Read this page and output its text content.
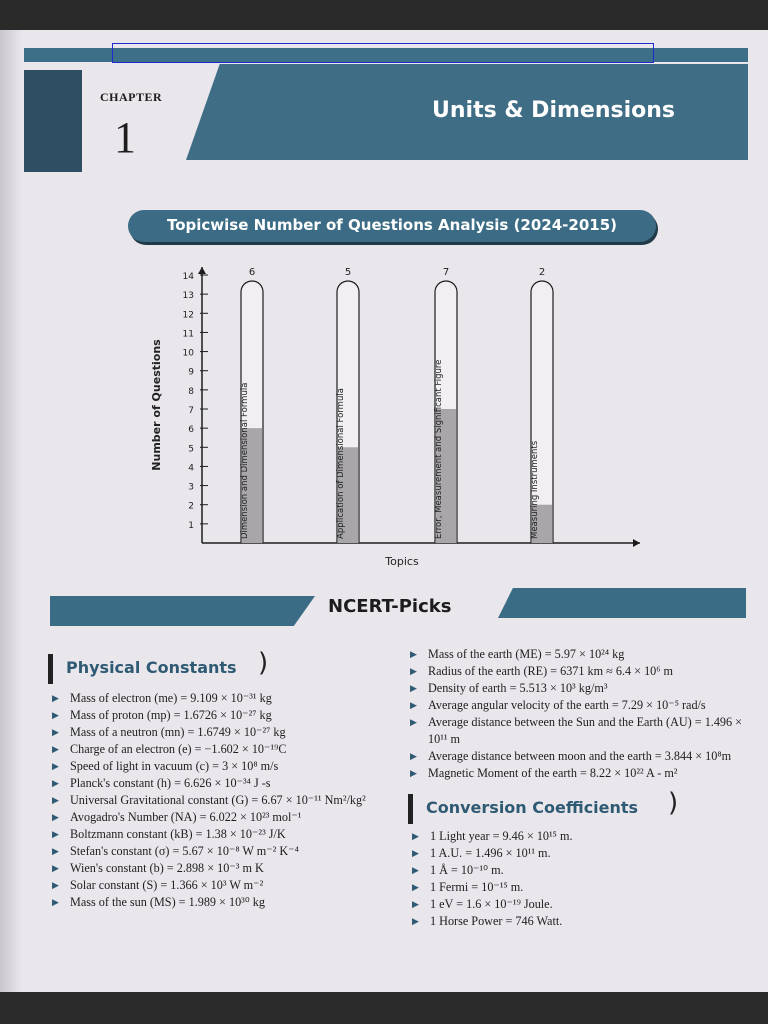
CHAPTER
1
Units & Dimensions
Topicwise Number of Questions Analysis (2024-2015)
1
2
3
4
5
6
7
8
9
10
11
12
13
14
Number of Questions
Topics
6
Dimension and Dimensional Formula
5
Application of Dimensional Formula
7
Error, Measurement and Significant Figure
2
Measuring Instruments
NCERT-Picks
Physical Constants )
▶ Mass of electron (me) = 9.109 × 10⁻³¹ kg
▶ Mass of proton (mp) = 1.6726 × 10⁻²⁷ kg
▶ Mass of a neutron (mn) = 1.6749 × 10⁻²⁷ kg
▶ Charge of an electron (e) = −1.602 × 10⁻¹⁹C
▶ Speed of light in vacuum (c) = 3 × 10⁸ m/s
▶ Planck's constant (h) = 6.626 × 10⁻³⁴ J -s
▶ Universal Gravitational constant (G) = 6.67 × 10⁻¹¹ Nm²/kg²
▶ Avogadro's Number (NA) = 6.022 × 10²³ mol⁻¹
▶ Boltzmann constant (kB) = 1.38 × 10⁻²³ J/K
▶ Stefan's constant (σ) = 5.67 × 10⁻⁸ W m⁻² K⁻⁴
▶ Wien's constant (b) = 2.898 × 10⁻³ m K
▶ Solar constant (S) = 1.366 × 10³ W m⁻²
▶ Mass of the sun (MS) = 1.989 × 10³⁰ kg
▶ Mass of the earth (ME) = 5.97 × 10²⁴ kg
▶ Radius of the earth (RE) = 6371 km ≈ 6.4 × 10⁶ m
▶ Density of earth = 5.513 × 10³ kg/m³
▶ Average angular velocity of the earth = 7.29 × 10⁻⁵ rad/s
▶ Average distance between the Sun and the Earth (AU) = 1.496 × 10¹¹ m
▶ Average distance between moon and the earth = 3.844 × 10⁸m
▶ Magnetic Moment of the earth = 8.22 × 10²² A - m²
Conversion Coefficients )
▶ 1 Light year = 9.46 × 10¹⁵ m.
▶ 1 A.U. = 1.496 × 10¹¹ m.
▶ 1 Å = 10⁻¹⁰ m.
▶ 1 Fermi = 10⁻¹⁵ m.
▶ 1 eV = 1.6 × 10⁻¹⁹ Joule.
▶ 1 Horse Power = 746 Watt.
